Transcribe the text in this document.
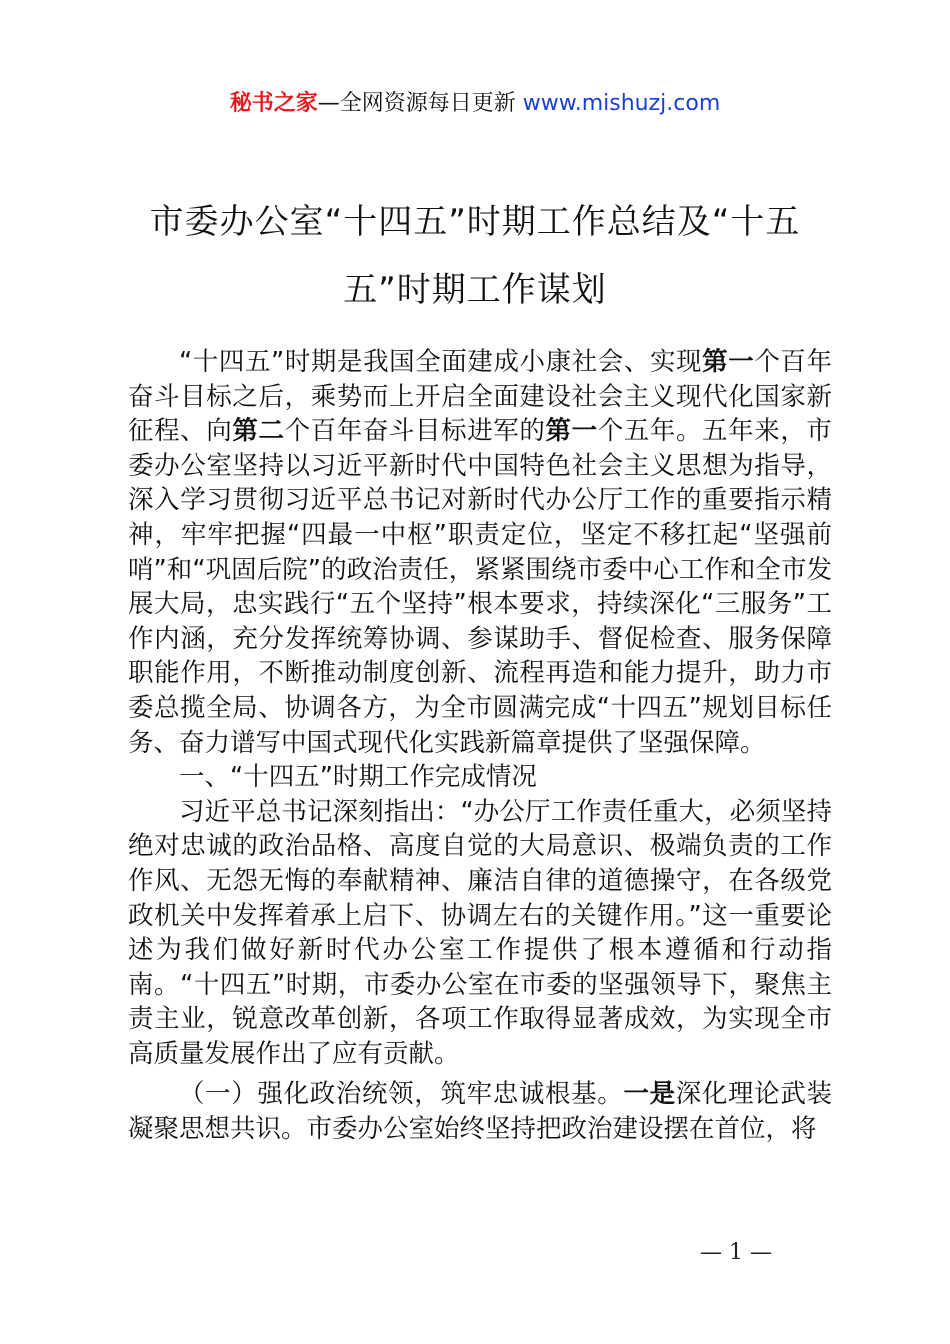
秘书之家—全网资源每日更新 www.mishuzj.com
市委办公室“十四五”时期工作总结及“十五五”时期工作谋划

“十四五”时期是我国全面建成小康社会、实现第一个百年奋斗目标之后，乘势而上开启全面建设社会主义现代化国家新征程、向第二个百年奋斗目标进军的第一个五年。五年来，市委办公室坚持以习近平新时代中国特色社会主义思想为指导，深入学习贯彻习近平总书记对新时代办公厅工作的重要指示精神，牢牢把握“四最一中枢”职责定位，坚定不移扛起“坚强前哨”和“巩固后院”的政治责任，紧紧围绕市委中心工作和全市发展大局，忠实践行“五个坚持”根本要求，持续深化“三服务”工作内涵，充分发挥统筹协调、参谋助手、督促检查、服务保障职能作用，不断推动制度创新、流程再造和能力提升，助力市委总揽全局、协调各方，为全市圆满完成“十四五”规划目标任务、奋力谱写中国式现代化实践新篇章提供了坚强保障。

一、“十四五”时期工作完成情况

习近平总书记深刻指出：“办公厅工作责任重大，必须坚持绝对忠诚的政治品格、高度自觉的大局意识、极端负责的工作作风、无怨无悔的奉献精神、廉洁自律的道德操守，在各级党政机关中发挥着承上启下、协调左右的关键作用。”这一重要论述为我们做好新时代办公室工作提供了根本遵循和行动指南。“十四五”时期，市委办公室在市委的坚强领导下，聚焦主责主业，锐意改革创新，各项工作取得显著成效，为实现全市高质量发展作出了应有贡献。

（一）强化政治统领，筑牢忠诚根基。一是深化理论武装凝聚思想共识。市委办公室始终坚持把政治建设摆在首位，将

— 1 —
